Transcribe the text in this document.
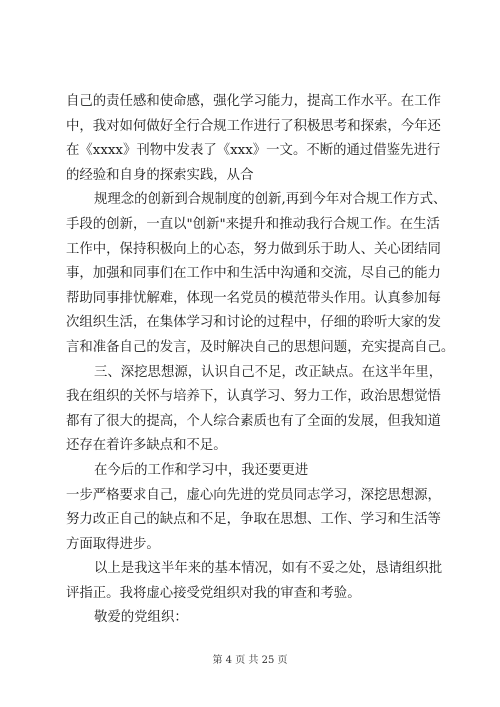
自己的责任感和使命感，强化学习能力，提高工作水平。在工作

中，我对如何做好全行合规工作进行了积极思考和探索，今年还

在《xxxx》刊物中发表了《xxx》一文。不断的通过借鉴先进行

的经验和自身的探索实践，从合

规理念的创新到合规制度的创新,再到今年对合规工作方式、

手段的创新，一直以"创新"来提升和推动我行合规工作。在生活

工作中，保持积极向上的心态，努力做到乐于助人、关心团结同

事，加强和同事们在工作中和生活中沟通和交流，尽自己的能力

帮助同事排忧解难，体现一名党员的模范带头作用。认真参加每

次组织生活，在集体学习和讨论的过程中，仔细的聆听大家的发

言和准备自己的发言，及时解决自己的思想问题，充实提高自己。

三、深挖思想源，认识自己不足，改正缺点。在这半年里，

我在组织的关怀与培养下，认真学习、努力工作，政治思想觉悟

都有了很大的提高，个人综合素质也有了全面的发展，但我知道

还存在着许多缺点和不足。

在今后的工作和学习中，我还要更进

一步严格要求自己，虚心向先进的党员同志学习，深挖思想源，

努力改正自己的缺点和不足，争取在思想、工作、学习和生活等

方面取得进步。

以上是我这半年来的基本情况，如有不妥之处，恳请组织批

评指正。我将虚心接受党组织对我的审查和考验。

敬爱的党组织：

第 4 页 共 25 页
